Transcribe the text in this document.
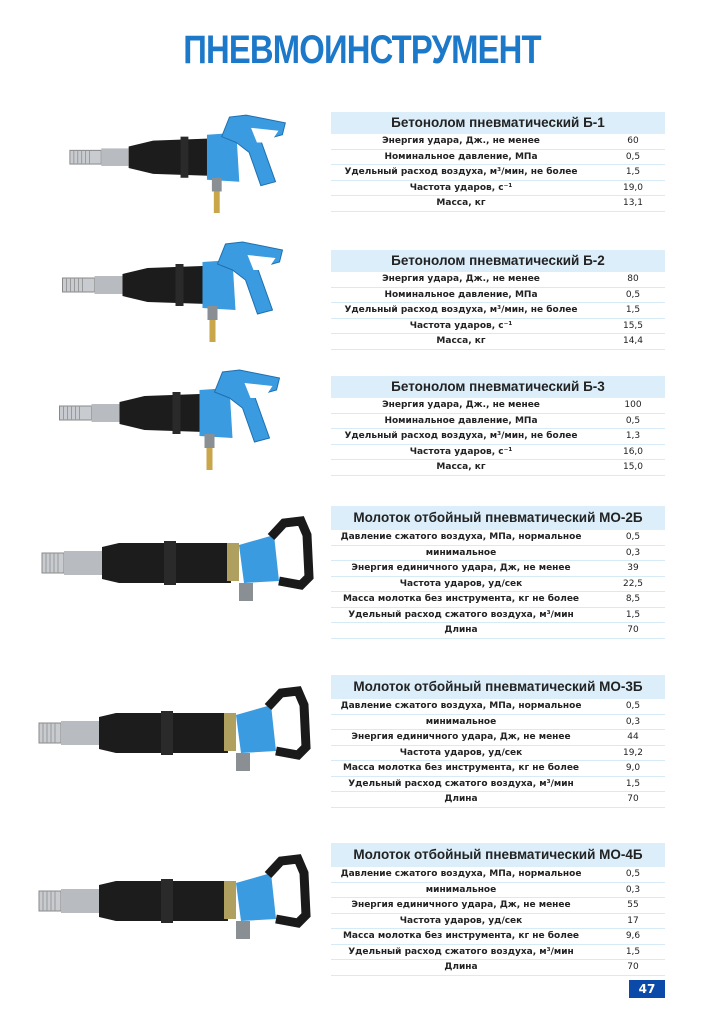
ПНЕВМОИНСТРУМЕНТ
Бетонолом пневматический Б-1
Энергия удара, Дж., не менее	60
Номинальное давление, МПа	0,5
Удельный расход воздуха, м³/мин, не более	1,5
Частота ударов, с⁻¹	19,0
Масса, кг	13,1
Бетонолом пневматический Б-2
Энергия удара, Дж., не менее	80
Номинальное давление, МПа	0,5
Удельный расход воздуха, м³/мин, не более	1,5
Частота ударов, с⁻¹	15,5
Масса, кг	14,4
Бетонолом пневматический Б-3
Энергия удара, Дж., не менее	100
Номинальное давление, МПа	0,5
Удельный расход воздуха, м³/мин, не более	1,3
Частота ударов, с⁻¹	16,0
Масса, кг	15,0
Молоток отбойный пневматический МО-2Б
Давление сжатого воздуха, МПа, нормальное	0,5
минимальное	0,3
Энергия единичного удара, Дж, не менее	39
Частота ударов, уд/сек	22,5
Масса молотка без инструмента, кг не более	8,5
Удельный расход сжатого воздуха, м³/мин	1,5
Длина	70
Молоток отбойный пневматический МО-3Б
Давление сжатого воздуха, МПа, нормальное	0,5
минимальное	0,3
Энергия единичного удара, Дж, не менее	44
Частота ударов, уд/сек	19,2
Масса молотка без инструмента, кг не более	9,0
Удельный расход сжатого воздуха, м³/мин	1,5
Длина	70
Молоток отбойный пневматический МО-4Б
Давление сжатого воздуха, МПа, нормальное	0,5
минимальное	0,3
Энергия единичного удара, Дж, не менее	55
Частота ударов, уд/сек	17
Масса молотка без инструмента, кг не более	9,6
Удельный расход сжатого воздуха, м³/мин	1,5
Длина	70
47
